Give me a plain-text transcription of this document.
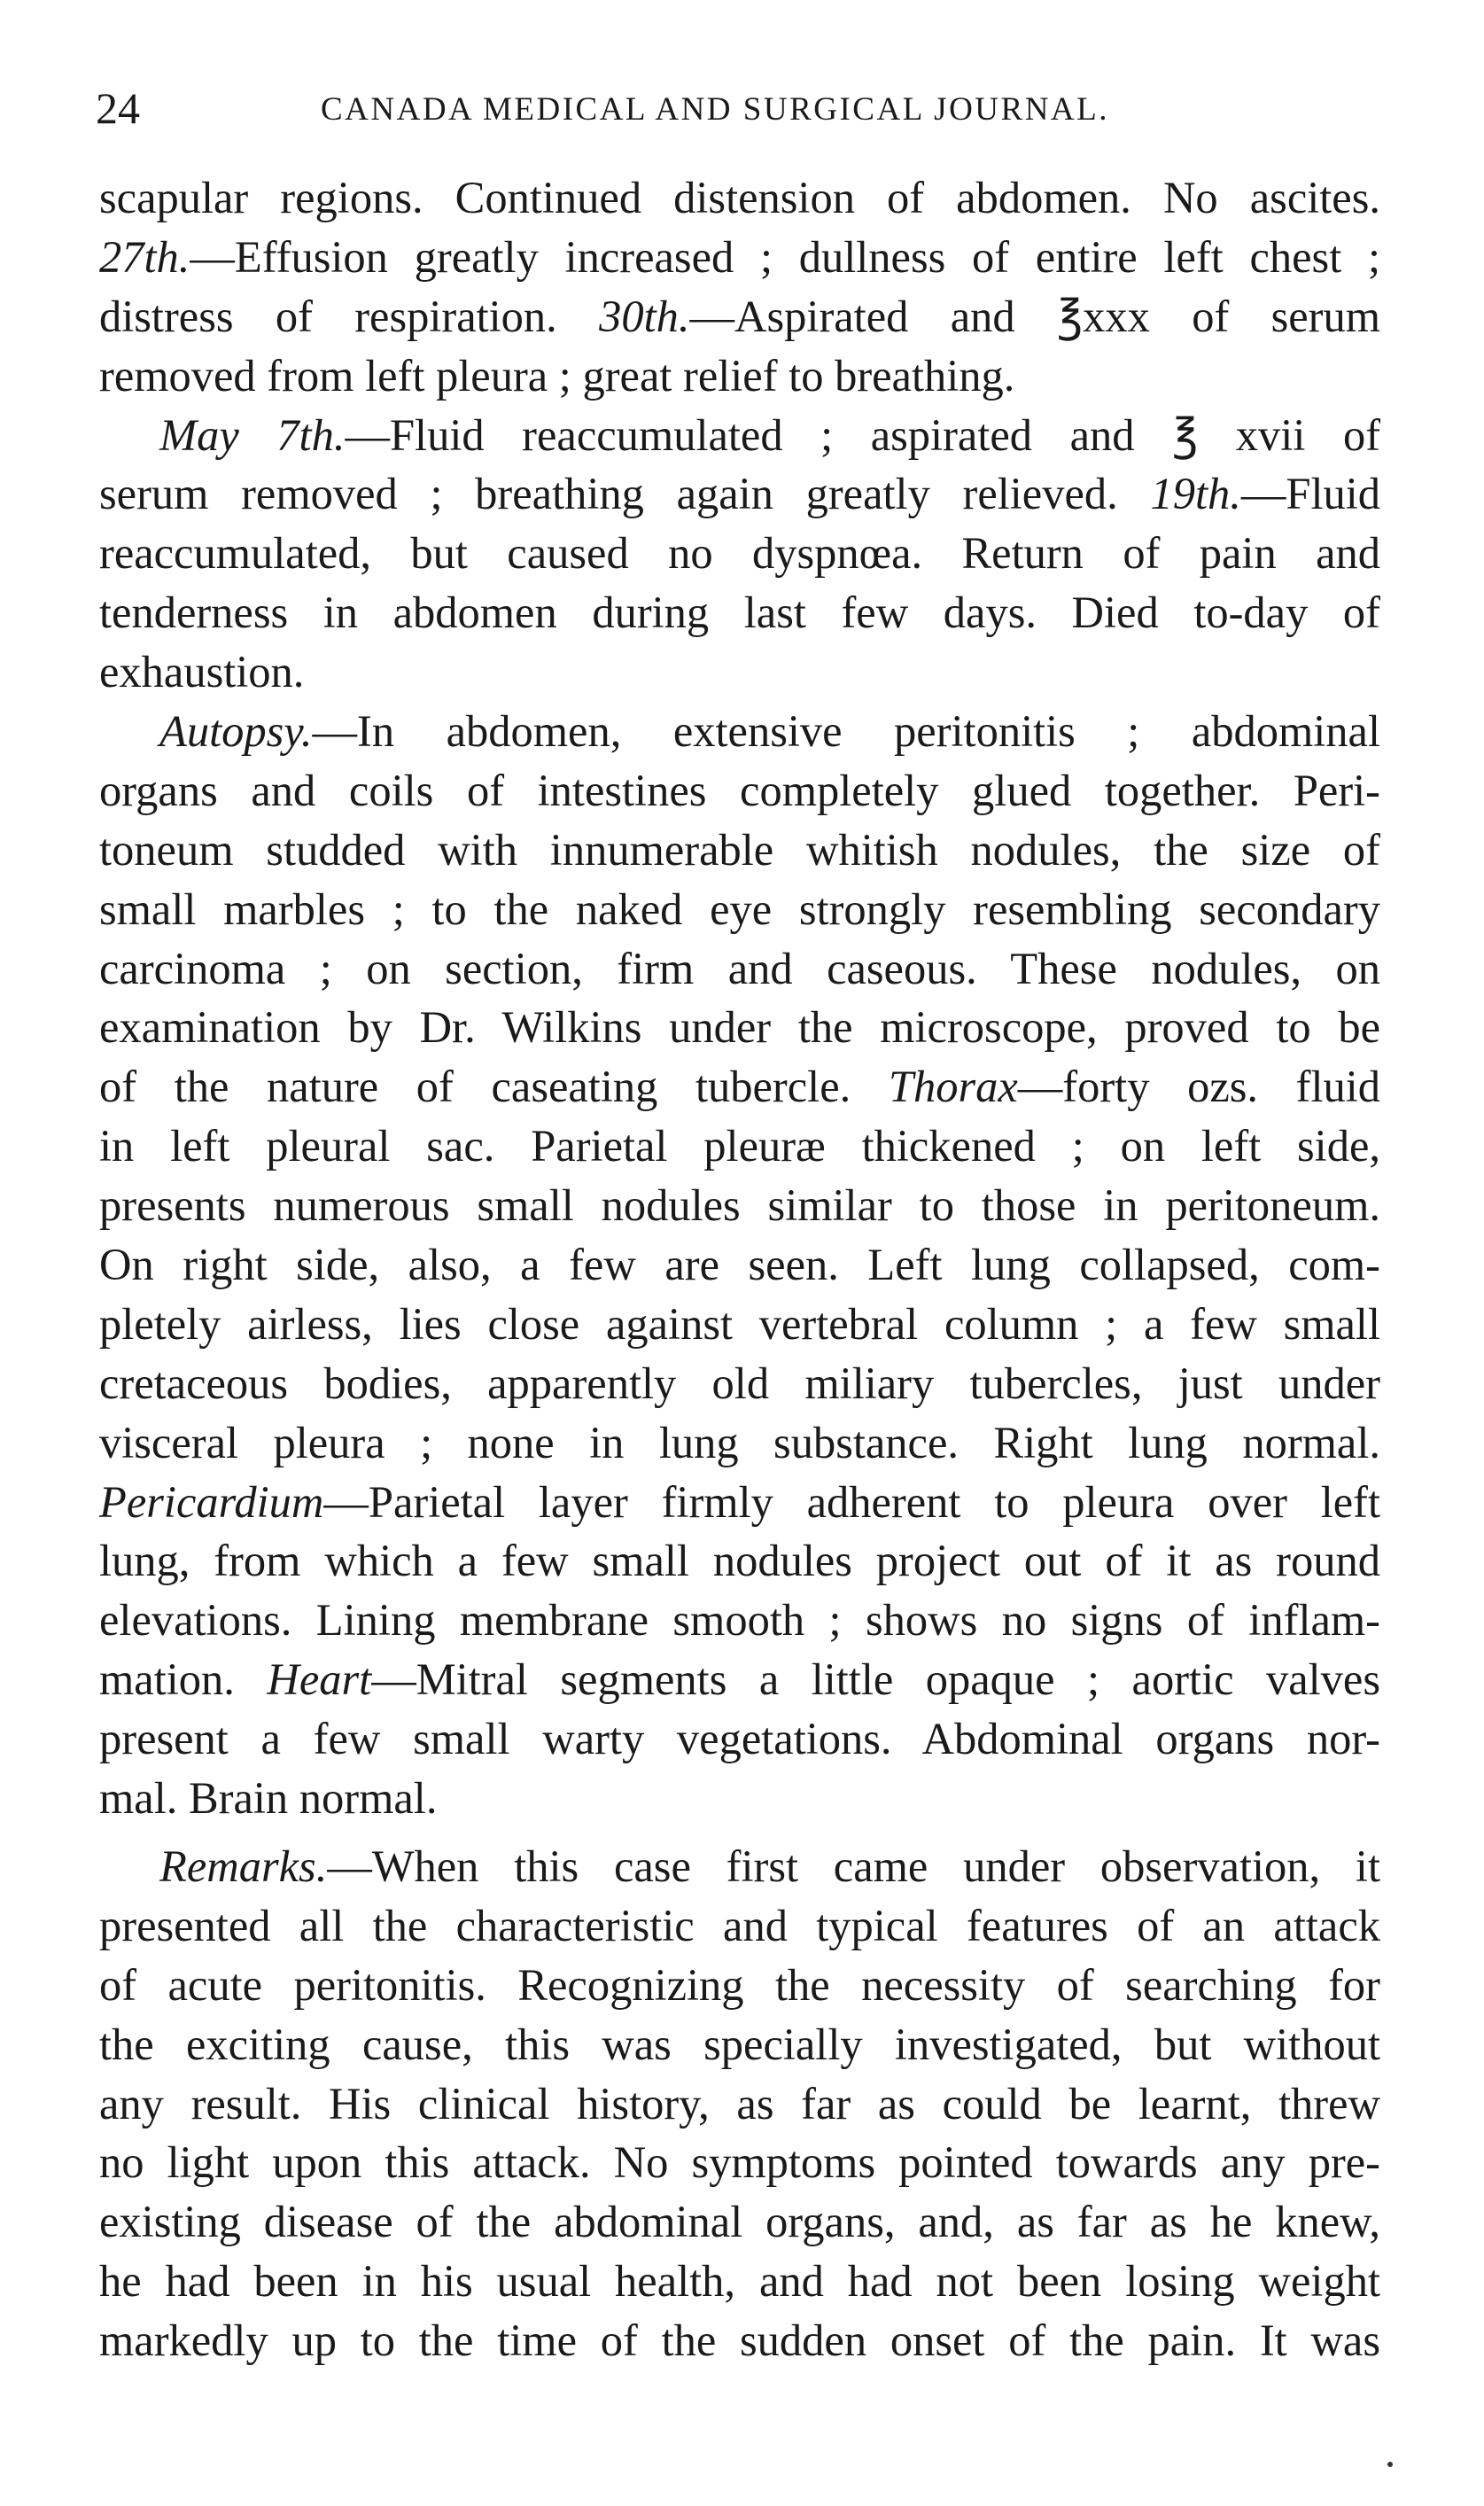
24	CANADA MEDICAL AND SURGICAL JOURNAL.
scapular regions. Continued distension of abdomen. No ascites.
27th.—Effusion greatly increased ; dullness of entire left chest ;
distress of respiration. 30th.—Aspirated and ℥xxx of serum
removed from left pleura ; great relief to breathing.
May 7th.—Fluid reaccumulated ; aspirated and ℥ xvii of
serum removed ; breathing again greatly relieved. 19th.—Fluid
reaccumulated, but caused no dyspnœa. Return of pain and
tenderness in abdomen during last few days. Died to-day of
exhaustion.
Autopsy.—In abdomen, extensive peritonitis ; abdominal
organs and coils of intestines completely glued together. Peri-
toneum studded with innumerable whitish nodules, the size of
small marbles ; to the naked eye strongly resembling secondary
carcinoma ; on section, firm and caseous. These nodules, on
examination by Dr. Wilkins under the microscope, proved to be
of the nature of caseating tubercle. Thorax—forty ozs. fluid
in left pleural sac. Parietal pleuræ thickened ; on left side,
presents numerous small nodules similar to those in peritoneum.
On right side, also, a few are seen. Left lung collapsed, com-
pletely airless, lies close against vertebral column ; a few small
cretaceous bodies, apparently old miliary tubercles, just under
visceral pleura ; none in lung substance. Right lung normal.
Pericardium—Parietal layer firmly adherent to pleura over left
lung, from which a few small nodules project out of it as round
elevations. Lining membrane smooth ; shows no signs of inflam-
mation. Heart—Mitral segments a little opaque ; aortic valves
present a few small warty vegetations. Abdominal organs nor-
mal. Brain normal.
Remarks.—When this case first came under observation, it
presented all the characteristic and typical features of an attack
of acute peritonitis. Recognizing the necessity of searching for
the exciting cause, this was specially investigated, but without
any result. His clinical history, as far as could be learnt, threw
no light upon this attack. No symptoms pointed towards any pre-
existing disease of the abdominal organs, and, as far as he knew,
he had been in his usual health, and had not been losing weight
markedly up to the time of the sudden onset of the pain. It was
